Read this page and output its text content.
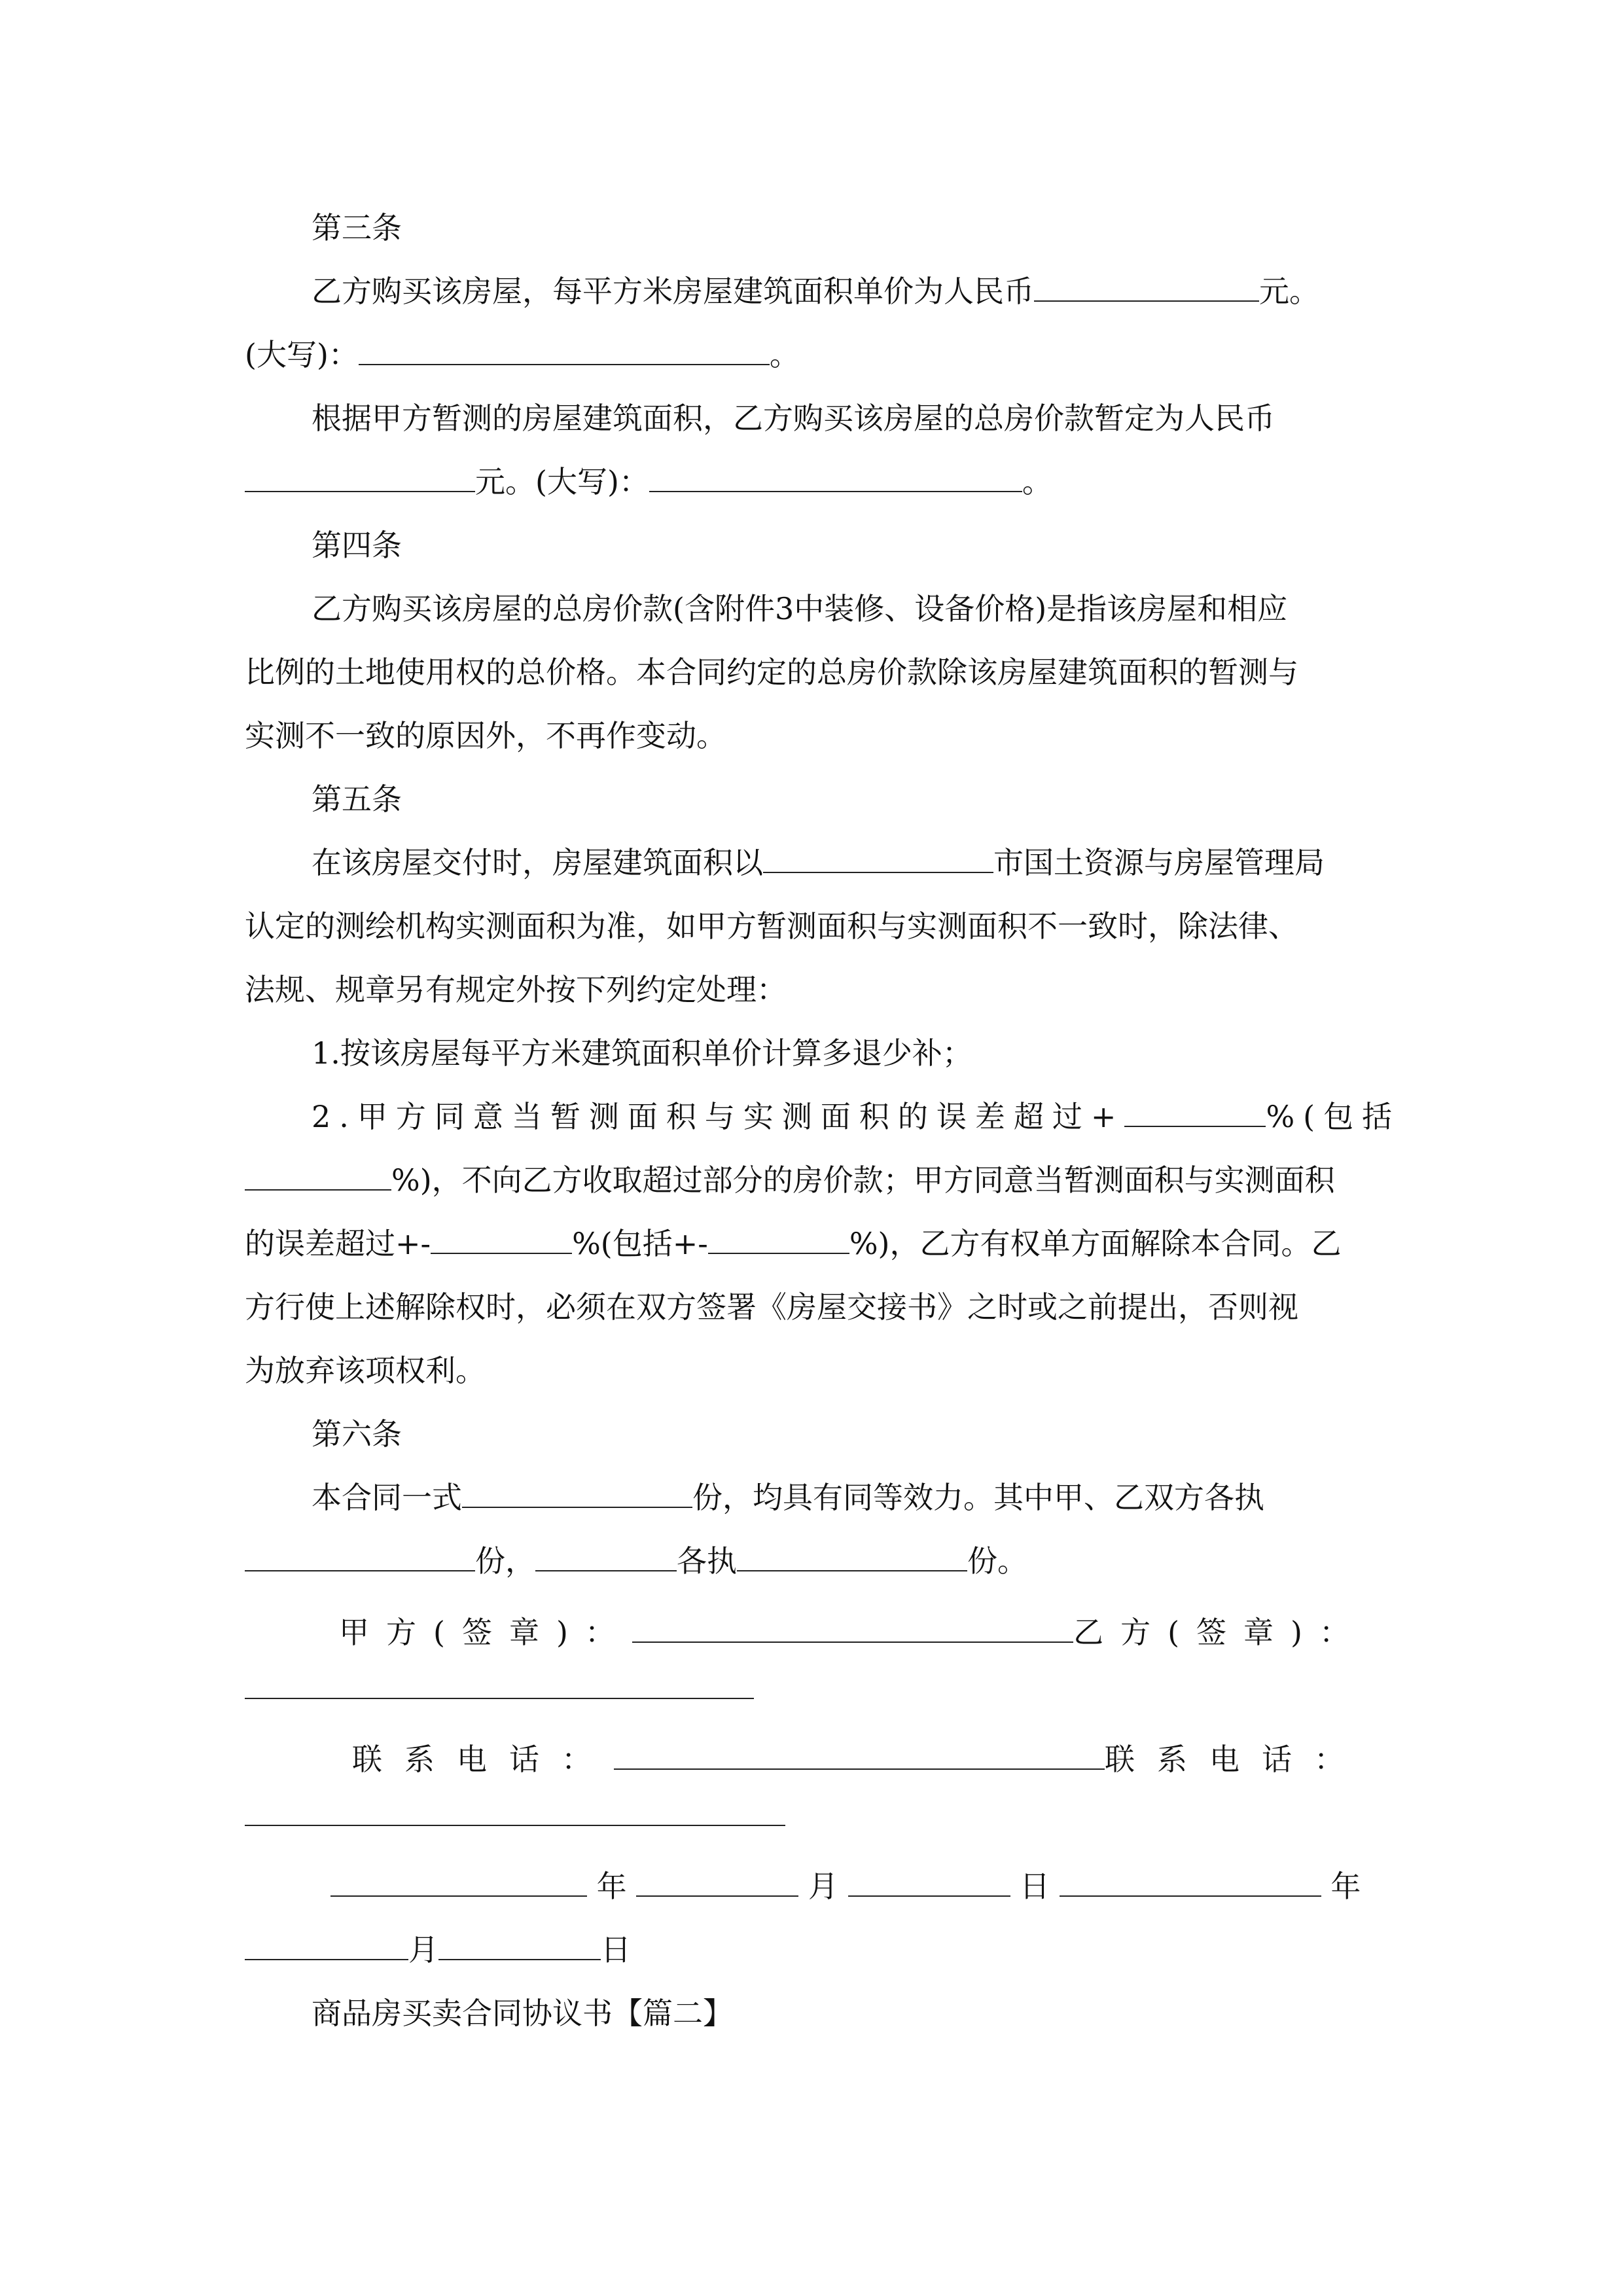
第三条
乙方购买该房屋，每平方米房屋建筑面积单价为人民币	元。
(大写)：	。
根据甲方暂测的房屋建筑面积，乙方购买该房屋的总房价款暂定为人民币
元。(大写)：	。
第四条
乙方购买该房屋的总房价款(含附件3中装修、设备价格)是指该房屋和相应
比例的土地使用权的总价格。本合同约定的总房价款除该房屋建筑面积的暂测与
实测不一致的原因外，不再作变动。
第五条
在该房屋交付时，房屋建筑面积以	市国土资源与房屋管理局
认定的测绘机构实测面积为准，如甲方暂测面积与实测面积不一致时，除法律、
法规、规章另有规定外按下列约定处理：
1.按该房屋每平方米建筑面积单价计算多退少补；
2.甲方同意当暂测面积与实测面积的误差超过+	%(包括
%)，不向乙方收取超过部分的房价款；甲方同意当暂测面积与实测面积
的误差超过+-	%(包括+-	%)，乙方有权单方面解除本合同。乙
方行使上述解除权时，必须在双方签署《房屋交接书》之时或之前提出，否则视
为放弃该项权利。
第六条
本合同一式	份，均具有同等效力。其中甲、乙双方各执
份，	各执	份。
甲方(签章)：	乙方(签章)：
联系电话：	联系电话：
年	月	日	年
月	日
商品房买卖合同协议书【篇二】
